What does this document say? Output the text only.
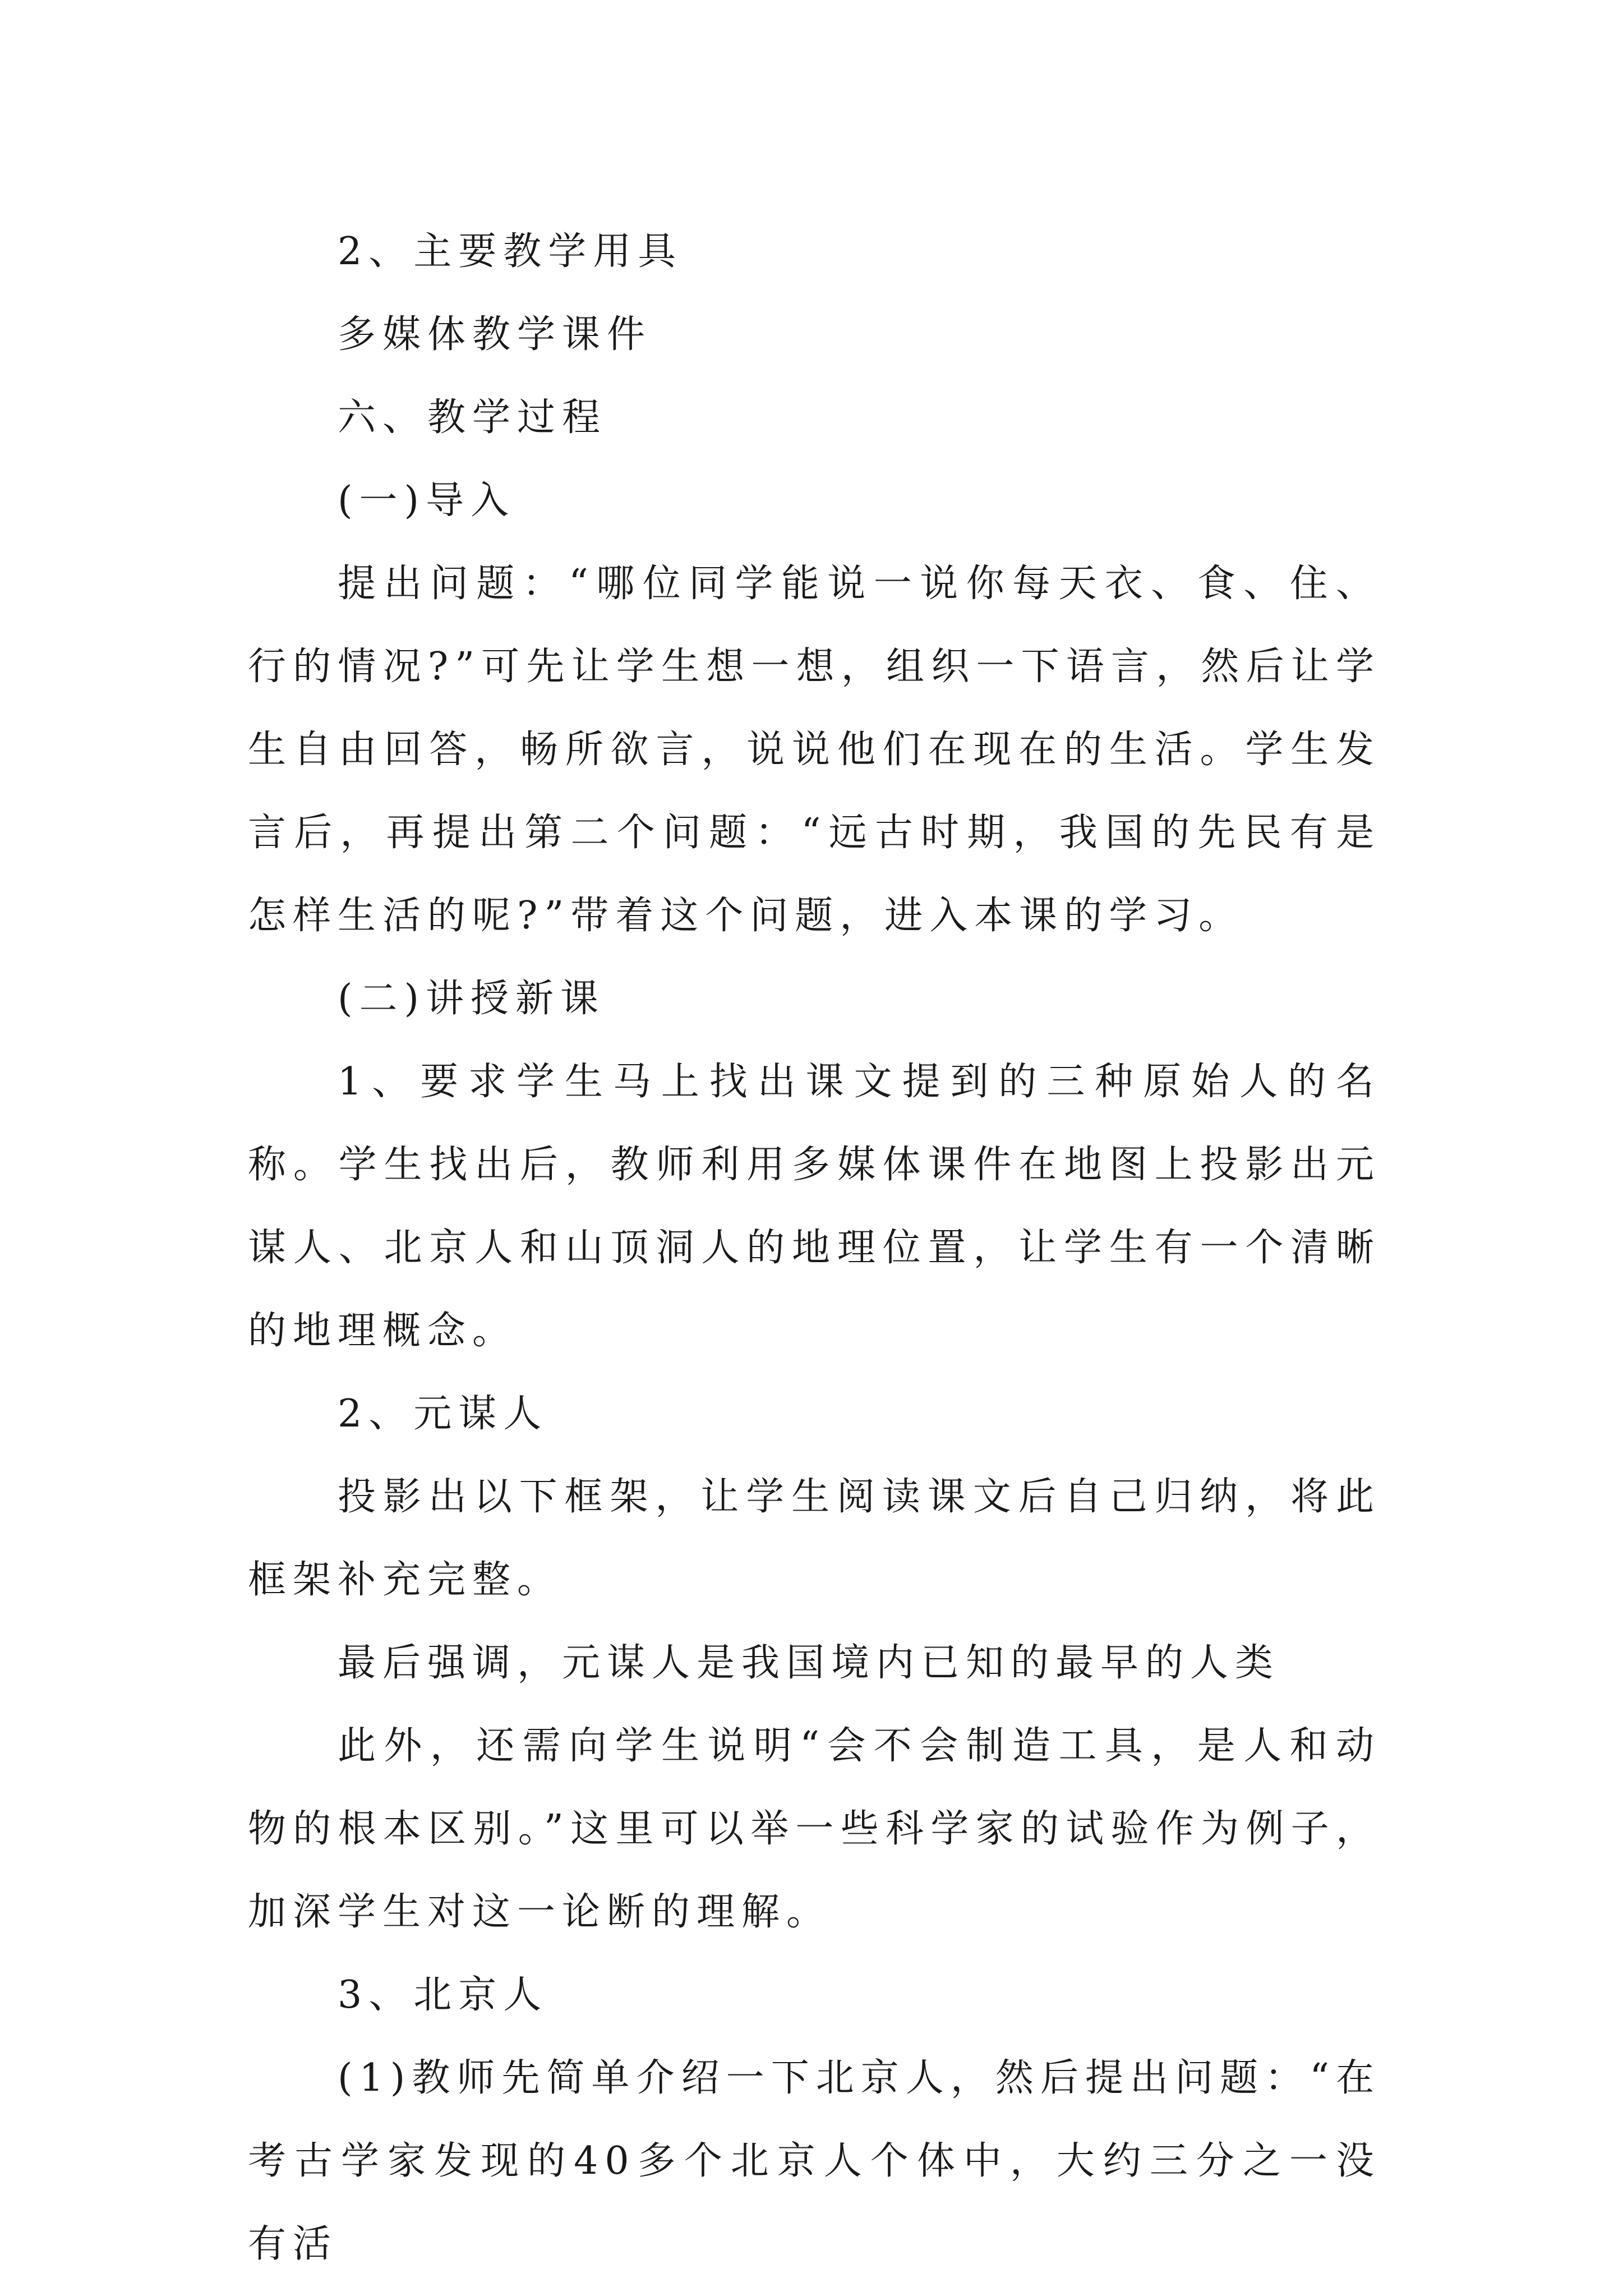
2、主要教学用具

多媒体教学课件

六、教学过程

(一)导入

提出问题：“哪位同学能说一说你每天衣、食、住、行的情况?”可先让学生想一想，组织一下语言，然后让学生自由回答，畅所欲言，说说他们在现在的生活。学生发言后，再提出第二个问题：“远古时期，我国的先民有是怎样生活的呢?”带着这个问题，进入本课的学习。

(二)讲授新课

1、要求学生马上找出课文提到的三种原始人的名称。学生找出后，教师利用多媒体课件在地图上投影出元谋人、北京人和山顶洞人的地理位置，让学生有一个清晰的地理概念。

2、元谋人

投影出以下框架，让学生阅读课文后自己归纳，将此框架补充完整。

最后强调，元谋人是我国境内已知的最早的人类

此外，还需向学生说明“会不会制造工具，是人和动物的根本区别。”这里可以举一些科学家的试验作为例子，加深学生对这一论断的理解。

3、北京人

(1)教师先简单介绍一下北京人，然后提出问题：“在考古学家发现的40多个北京人个体中，大约三分之一没有活
